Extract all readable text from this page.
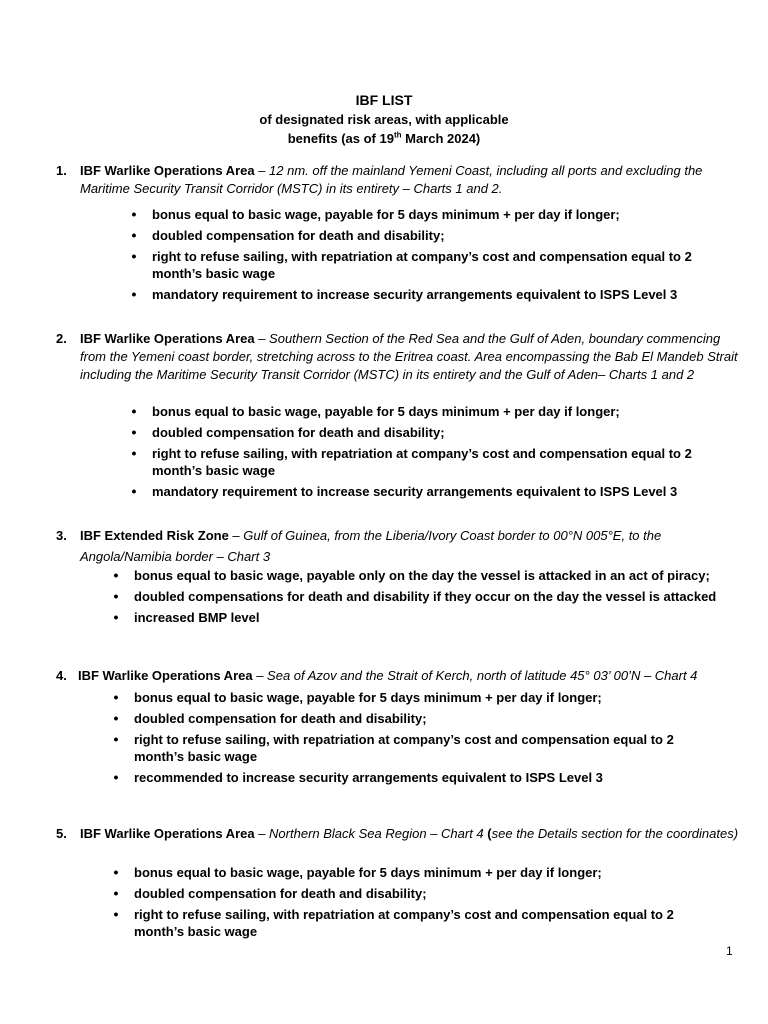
IBF LIST
of designated risk areas, with applicable
benefits (as of 19th March 2024)
1. IBF Warlike Operations Area – 12 nm. off the mainland Yemeni Coast, including all ports and excluding the Maritime Security Transit Corridor (MSTC) in its entirety – Charts 1 and 2.
• bonus equal to basic wage, payable for 5 days minimum + per day if longer;
• doubled compensation for death and disability;
• right to refuse sailing, with repatriation at company’s cost and compensation equal to 2 month’s basic wage
• mandatory requirement to increase security arrangements equivalent to ISPS Level 3
2. IBF Warlike Operations Area – Southern Section of the Red Sea and the Gulf of Aden, boundary commencing from the Yemeni coast border, stretching across to the Eritrea coast. Area encompassing the Bab El Mandeb Strait including the Maritime Security Transit Corridor (MSTC) in its entirety and the Gulf of Aden– Charts 1 and 2
• bonus equal to basic wage, payable for 5 days minimum + per day if longer;
• doubled compensation for death and disability;
• right to refuse sailing, with repatriation at company’s cost and compensation equal to 2 month’s basic wage
• mandatory requirement to increase security arrangements equivalent to ISPS Level 3
3. IBF Extended Risk Zone – Gulf of Guinea, from the Liberia/Ivory Coast border to 00°N 005°E, to the Angola/Namibia border – Chart 3
• bonus equal to basic wage, payable only on the day the vessel is attacked in an act of piracy;
• doubled compensations for death and disability if they occur on the day the vessel is attacked
• increased BMP level
4. IBF Warlike Operations Area – Sea of Azov and the Strait of Kerch, north of latitude 45° 03’ 00’N – Chart 4
• bonus equal to basic wage, payable for 5 days minimum + per day if longer;
• doubled compensation for death and disability;
• right to refuse sailing, with repatriation at company’s cost and compensation equal to 2 month’s basic wage
• recommended to increase security arrangements equivalent to ISPS Level 3
5. IBF Warlike Operations Area – Northern Black Sea Region – Chart 4 (see the Details section for the coordinates)
• bonus equal to basic wage, payable for 5 days minimum + per day if longer;
• doubled compensation for death and disability;
• right to refuse sailing, with repatriation at company’s cost and compensation equal to 2 month’s basic wage
1
